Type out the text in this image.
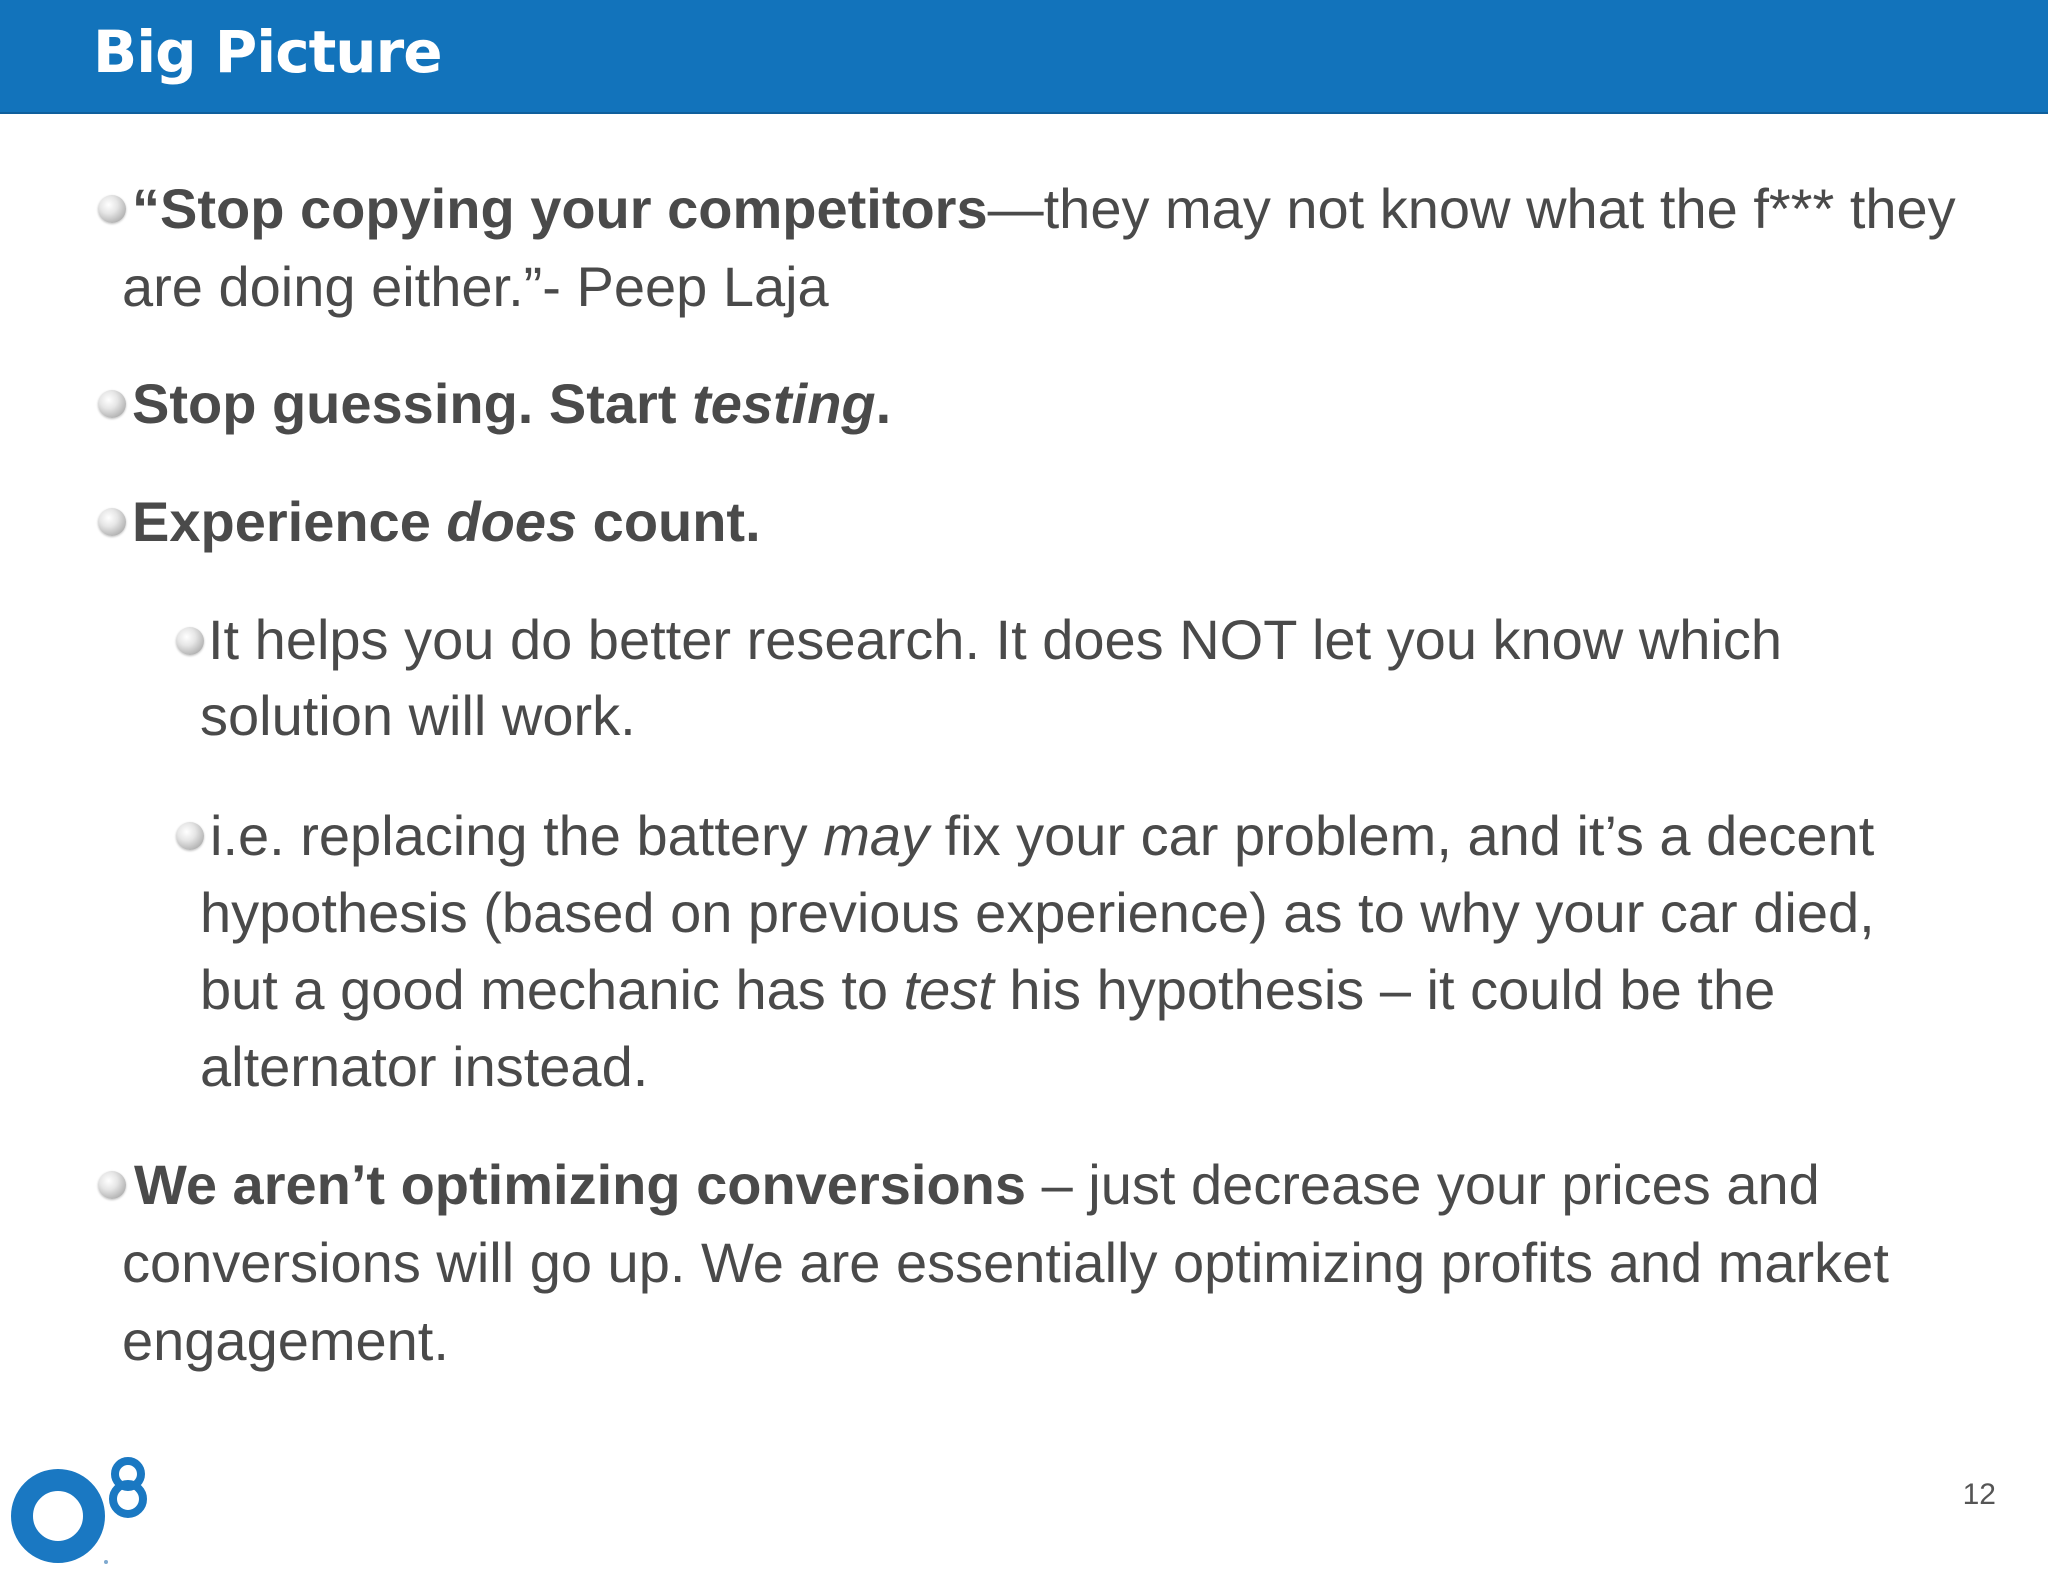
Big Picture
“Stop copying your competitors—they may not know what the f*** they are doing either.”- Peep Laja
Stop guessing. Start testing.
Experience does count.
It helps you do better research. It does NOT let you know which solution will work.
i.e. replacing the battery may fix your car problem, and it’s a decent hypothesis (based on previous experience) as to why your car died, but a good mechanic has to test his hypothesis – it could be the alternator instead.
We aren’t optimizing conversions – just decrease your prices and conversions will go up. We are essentially optimizing profits and market engagement.
12
